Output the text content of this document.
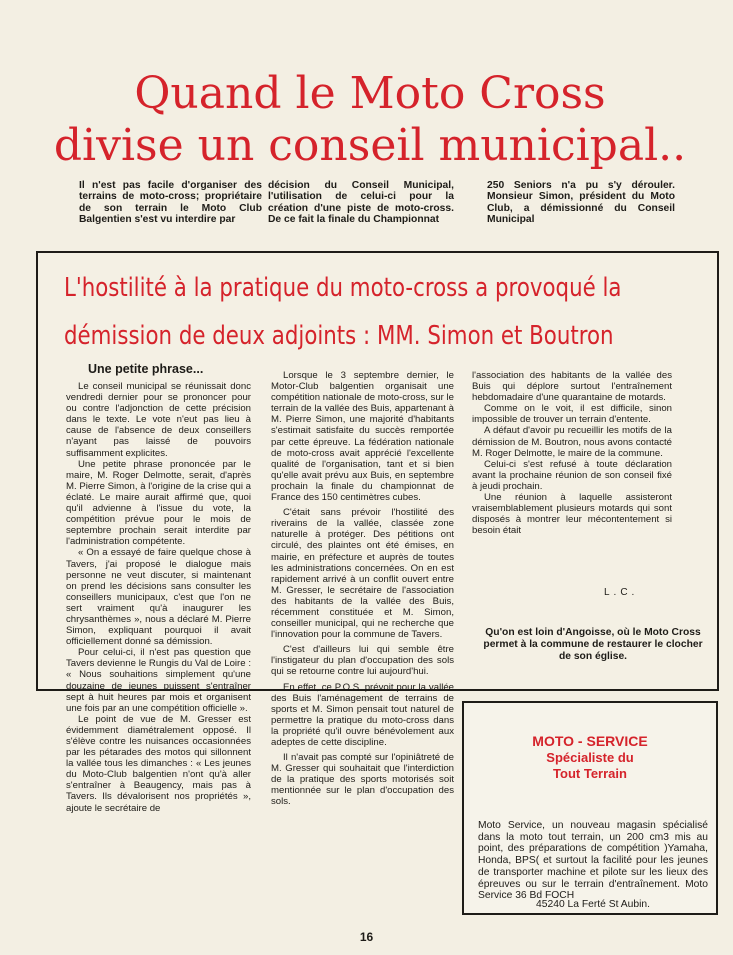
Quand le Moto Cross
divise un conseil municipal..
Il n'est pas facile d'organiser des terrains de moto-cross; propriétaire de son terrain le Moto Club Balgentien s'est vu interdire par
décision du Conseil Municipal, l'utilisation de celui-ci pour la création d'une piste de moto-cross. De ce fait la finale du Championnat
250 Seniors n'a pu s'y dérouler. Monsieur Simon, président du Moto Club, a démissionné du Conseil Municipal
L'hostilité à la pratique du moto-cross a provoqué la
démission de deux adjoints : MM. Simon et Boutron
Une petite phrase...

Le conseil municipal se réunissait donc vendredi dernier pour se prononcer pour ou contre l'adjonction de cette précision dans le texte. Le vote n'eut pas lieu à cause de l'absence de deux conseillers n'ayant pas laissé de pouvoirs suffisamment explicites.

Une petite phrase prononcée par le maire, M. Roger Delmotte, serait, d'après M. Pierre Simon, à l'origine de la crise qui a éclaté. Le maire aurait affirmé que, quoi qu'il advienne à l'issue du vote, la compétition prévue pour le mois de septembre prochain serait interdite par l'administration compétente.

« On a essayé de faire quelque chose à Tavers, j'ai proposé le dialogue mais personne ne veut discuter, si maintenant on prend les décisions sans consulter les conseillers municipaux, c'est que l'on ne sert vraiment qu'à inaugurer les chrysanthèmes », nous a déclaré M. Pierre Simon, expliquant pourquoi il avait officiellement donné sa démission.

Pour celui-ci, il n'est pas question que Tavers devienne le Rungis du Val de Loire : « Nous souhaitions simplement qu'une douzaine de jeunes puissent s'entraîner sept à huit heures par mois et organisent une fois par an une compétition officielle ».

Le point de vue de M. Gresser est évidemment diamétralement opposé. Il s'élève contre les nuisances occasionnées par les pétarades des motos qui sillonnent la vallée tous les dimanches : « Les jeunes du Moto-Club balgentien n'ont qu'à aller s'entraîner à Beaugency, mais pas à Tavers. Ils dévalorisent nos propriétés », ajoute le secrétaire de

Lorsque le 3 septembre dernier, le Motor-Club balgentien organisait une compétition nationale de moto-cross, sur le terrain de la vallée des Buis, appartenant à M. Pierre Simon, une majorité d'habitants s'estimait satisfaite du succès remportée par cette épreuve. La fédération nationale de moto-cross avait apprécié l'excellente qualité de l'organisation, tant et si bien qu'elle avait prévu aux Buis, en septembre prochain la finale du championnat de France des 150 centimètres cubes.

C'était sans prévoir l'hostilité des riverains de la vallée, classée zone naturelle à protéger. Des pétitions ont circulé, des plaintes ont été émises, en mairie, en préfecture et auprès de toutes les administrations concernées. On en est rapidement arrivé à un conflit ouvert entre M. Gresser, le secrétaire de l'association des habitants de la vallée des Buis, récemment constituée et M. Simon, conseiller municipal, qui ne recherche que l'innovation pour la commune de Tavers.

C'est d'ailleurs lui qui semble être l'instigateur du plan d'occupation des sols qui se retourne contre lui aujourd'hui.

En effet, ce P.O.S. prévoit pour la vallée des Buis l'aménagement de terrains de sports et M. Simon pensait tout naturel de permettre la pratique du moto-cross dans la propriété qu'il ouvre bénévolement aux adeptes de cette discipline.

Il n'avait pas compté sur l'opiniâtreté de M. Gresser qui souhaitait que l'interdiction de la pratique des sports motorisés soit mentionnée sur le plan d'occupation des sols.

l'association des habitants de la vallée des Buis qui déplore surtout l'entraînement hebdomadaire d'une quarantaine de motards.

Comme on le voit, il est difficile, sinon impossible de trouver un terrain d'entente.

A défaut d'avoir pu recueillir les motifs de la démission de M. Boutron, nous avons contacté M. Roger Delmotte, le maire de la commune.

Celui-ci s'est refusé à toute déclaration avant la prochaine réunion de son conseil fixé à jeudi prochain.

Une réunion à laquelle assisteront vraisemblablement plusieurs motards qui sont disposés à montrer leur mécontentement si besoin était

L.C.
Qu'on est loin d'Angoisse, où le Moto Cross permet à la commune de restaurer le clocher de son église.
MOTO - SERVICE
Spécialiste du
Tout Terrain
Moto Service, un nouveau magasin spécialisé dans la moto tout terrain, un 200 cm3 mis au point, des préparations de compétition )Yamaha, Honda, BPS( et surtout la facilité pour les jeunes de transporter machine et pilote sur les lieux des épreuves ou sur le terrain d'entraînement. Moto Service 36 Bd FOCH
45240 La Ferté St Aubin.
16
